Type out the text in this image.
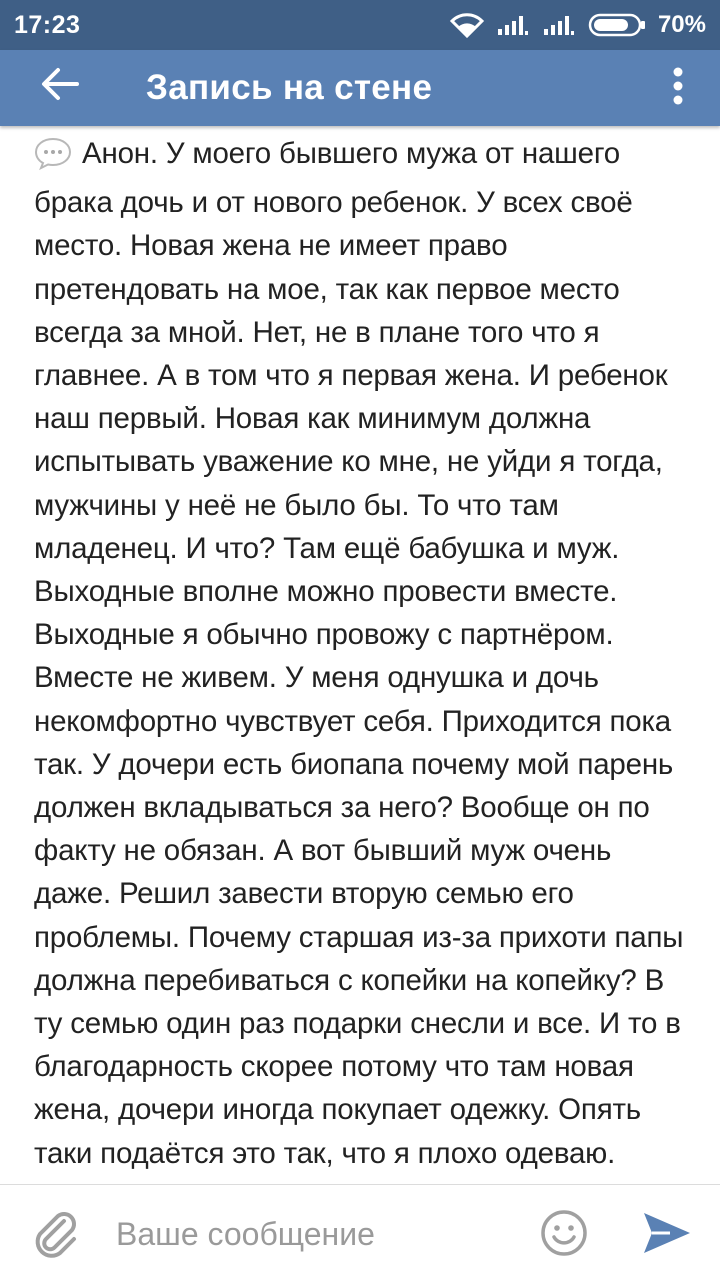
17:23	70%
Запись на стене

Анон. У моего бывшего мужа от нашего брака дочь и от нового ребенок. У всех своё место. Новая жена не имеет право претендовать на мое, так как первое место всегда за мной. Нет, не в плане того что я главнее. А в том что я первая жена. И ребенок наш первый. Новая как минимум должна испытывать уважение ко мне, не уйди я тогда, мужчины у неё не было бы. То что там младенец. И что? Там ещё бабушка и муж. Выходные вполне можно провести вместе. Выходные я обычно провожу с партнёром. Вместе не живем. У меня однушка и дочь некомфортно чувствует себя. Приходится пока так. У дочери есть биопапа почему мой парень должен вкладываться за него? Вообще он по факту не обязан. А вот бывший муж очень даже. Решил завести вторую семью его проблемы. Почему старшая из-за прихоти папы должна перебиваться с копейки на копейку? В ту семью один раз подарки снесли и все. И то в благодарность скорее потому что там новая жена, дочери иногда покупает одежку. Опять таки подаётся это так, что я плохо одеваю.

Ваше сообщение
